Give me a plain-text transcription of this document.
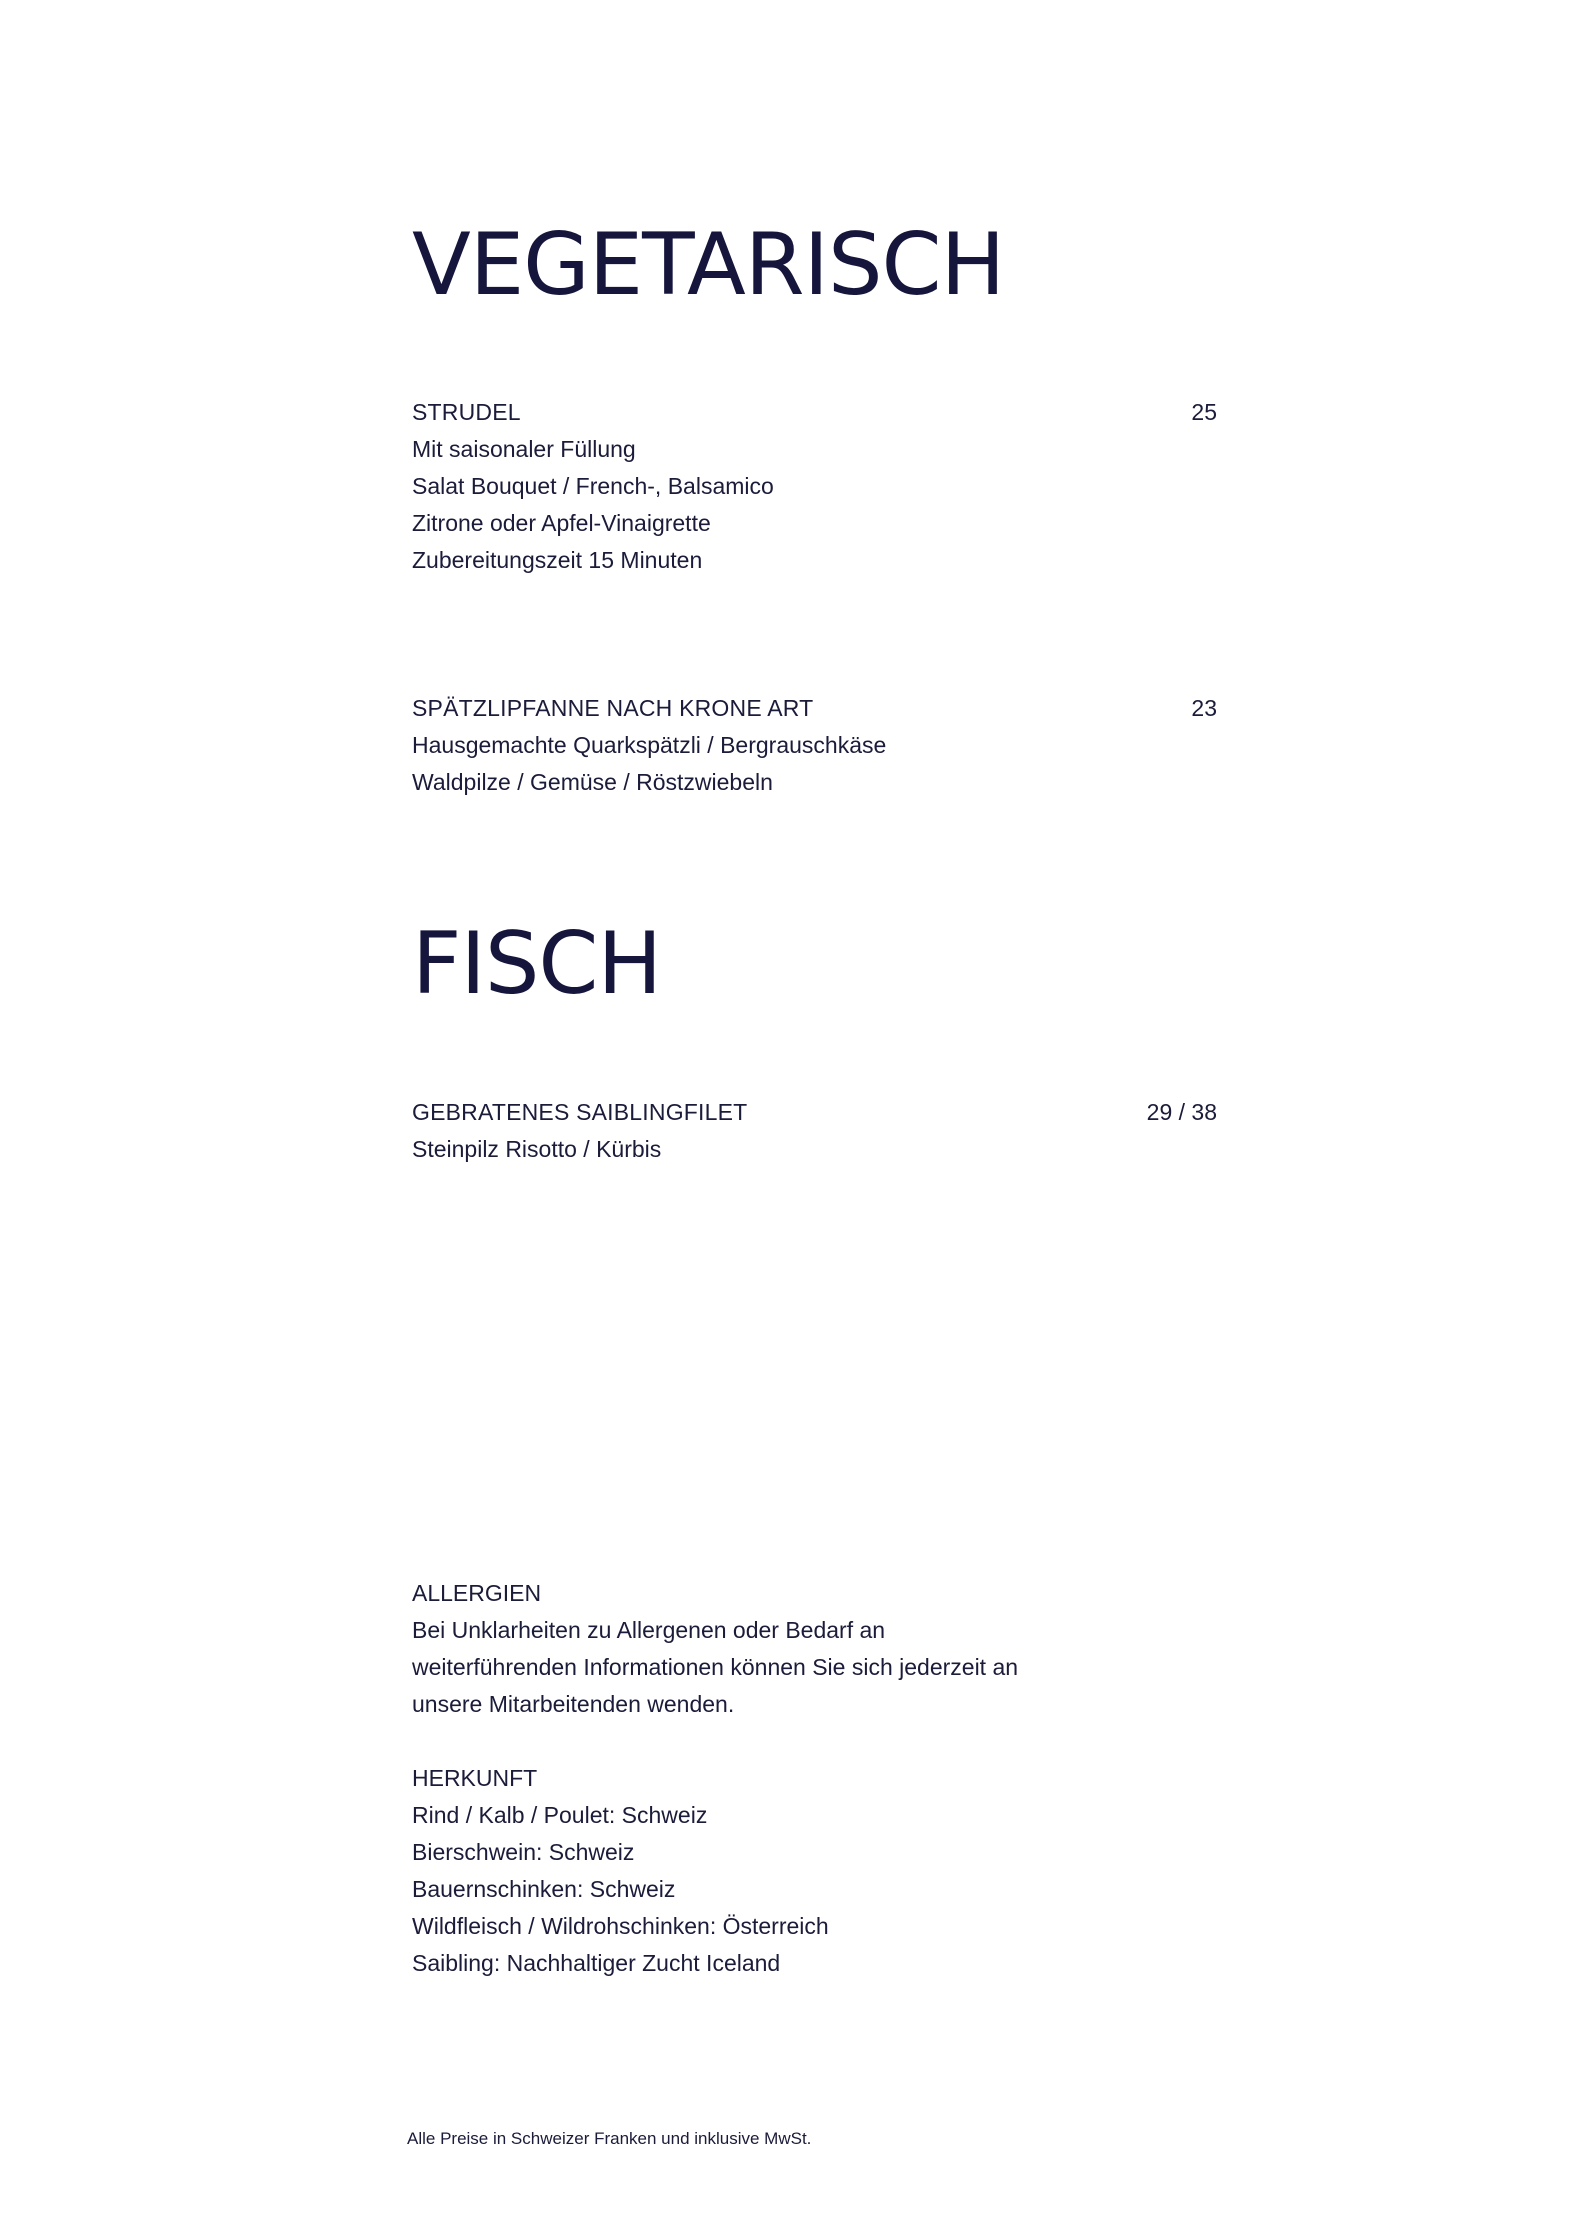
VEGETARISCH
STRUDEL	25
Mit saisonaler Füllung
Salat Bouquet / French-, Balsamico
Zitrone oder Apfel-Vinaigrette
Zubereitungszeit 15 Minuten
SPÄTZLIPFANNE NACH KRONE ART	23
Hausgemachte Quarkspätzli / Bergrauschkäse
Waldpilze / Gemüse / Röstzwiebeln
FISCH
GEBRATENES SAIBLINGFILET	29 / 38
Steinpilz Risotto / Kürbis
ALLERGIEN
Bei Unklarheiten zu Allergenen oder Bedarf an
weiterführenden Informationen können Sie sich jederzeit an
unsere Mitarbeitenden wenden.
HERKUNFT
Rind / Kalb / Poulet: Schweiz
Bierschwein: Schweiz
Bauernschinken: Schweiz
Wildfleisch / Wildrohschinken: Österreich
Saibling: Nachhaltiger Zucht Iceland
Alle Preise in Schweizer Franken und inklusive MwSt.
